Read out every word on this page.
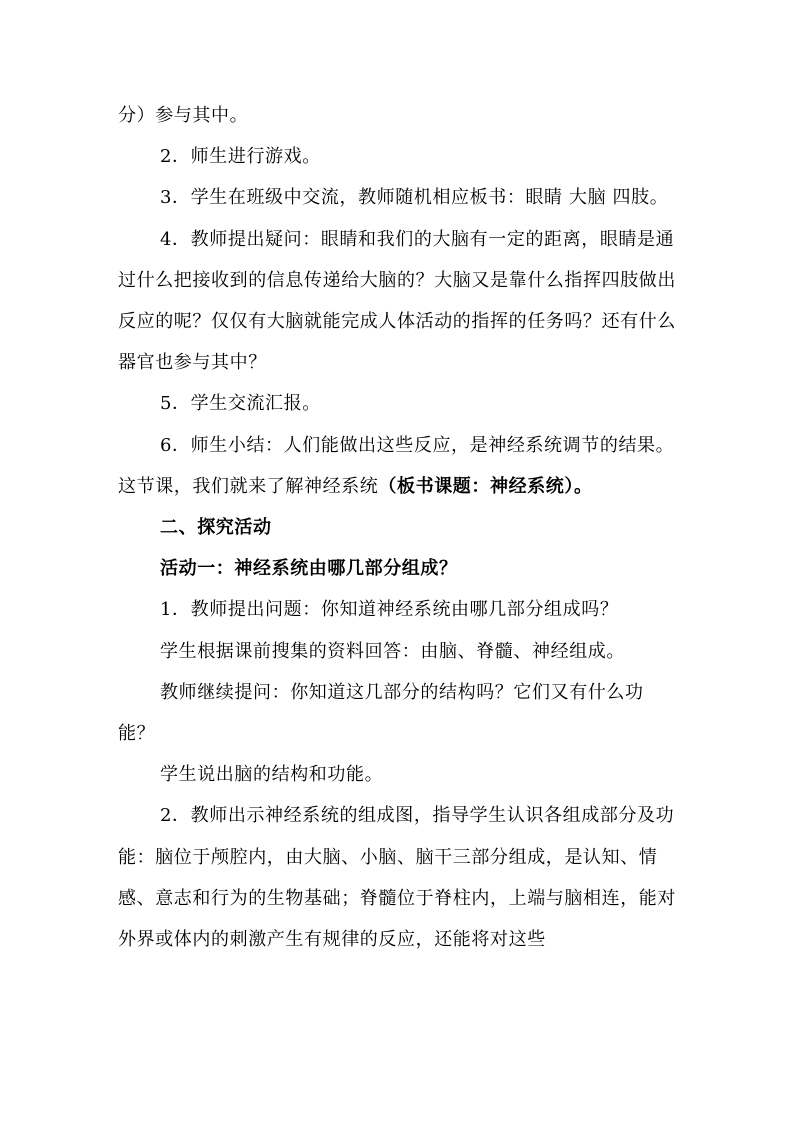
分）参与其中。

2．师生进行游戏。

3．学生在班级中交流，教师随机相应板书：眼睛 大脑 四肢。

4．教师提出疑问：眼睛和我们的大脑有一定的距离，眼睛是通过什么把接收到的信息传递给大脑的？大脑又是靠什么指挥四肢做出反应的呢？仅仅有大脑就能完成人体活动的指挥的任务吗？还有什么器官也参与其中？

5．学生交流汇报。

6．师生小结：人们能做出这些反应，是神经系统调节的结果。这节课，我们就来了解神经系统（板书课题：神经系统）。

二、探究活动

活动一：神经系统由哪几部分组成？

1．教师提出问题：你知道神经系统由哪几部分组成吗？

学生根据课前搜集的资料回答：由脑、脊髓、神经组成。

教师继续提问：你知道这几部分的结构吗？它们又有什么功能？

学生说出脑的结构和功能。

2．教师出示神经系统的组成图，指导学生认识各组成部分及功能：脑位于颅腔内，由大脑、小脑、脑干三部分组成，是认知、情感、意志和行为的生物基础；脊髓位于脊柱内，上端与脑相连，能对外界或体内的刺激产生有规律的反应，还能将对这些
